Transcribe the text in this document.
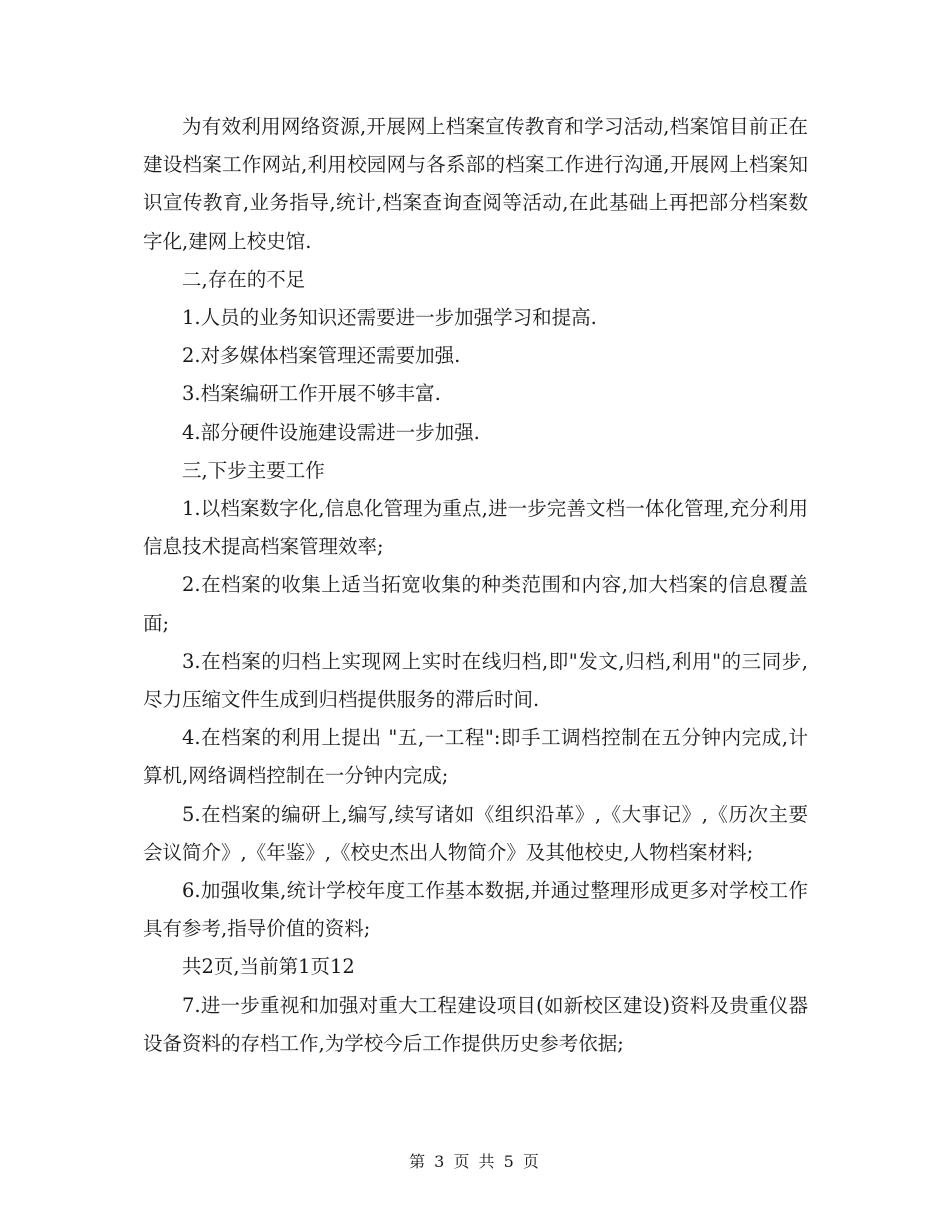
为有效利用网络资源,开展网上档案宣传教育和学习活动,档案馆目前正在建设档案工作网站,利用校园网与各系部的档案工作进行沟通,开展网上档案知识宣传教育,业务指导,统计,档案查询查阅等活动,在此基础上再把部分档案数字化,建网上校史馆.

二,存在的不足

1.人员的业务知识还需要进一步加强学习和提高.

2.对多媒体档案管理还需要加强.

3.档案编研工作开展不够丰富.

4.部分硬件设施建设需进一步加强.

三,下步主要工作

1.以档案数字化,信息化管理为重点,进一步完善文档一体化管理,充分利用信息技术提高档案管理效率;

2.在档案的收集上适当拓宽收集的种类范围和内容,加大档案的信息覆盖面;

3.在档案的归档上实现网上实时在线归档,即"发文,归档,利用"的三同步,尽力压缩文件生成到归档提供服务的滞后时间.

4.在档案的利用上提出 "五,一工程":即手工调档控制在五分钟内完成,计算机,网络调档控制在一分钟内完成;

5.在档案的编研上,编写,续写诸如《组织沿革》,《大事记》,《历次主要会议简介》,《年鉴》,《校史杰出人物简介》及其他校史,人物档案材料;

6.加强收集,统计学校年度工作基本数据,并通过整理形成更多对学校工作具有参考,指导价值的资料;

共2页,当前第1页12

7.进一步重视和加强对重大工程建设项目(如新校区建设)资料及贵重仪器设备资料的存档工作,为学校今后工作提供历史参考依据;

第 3 页 共 5 页
